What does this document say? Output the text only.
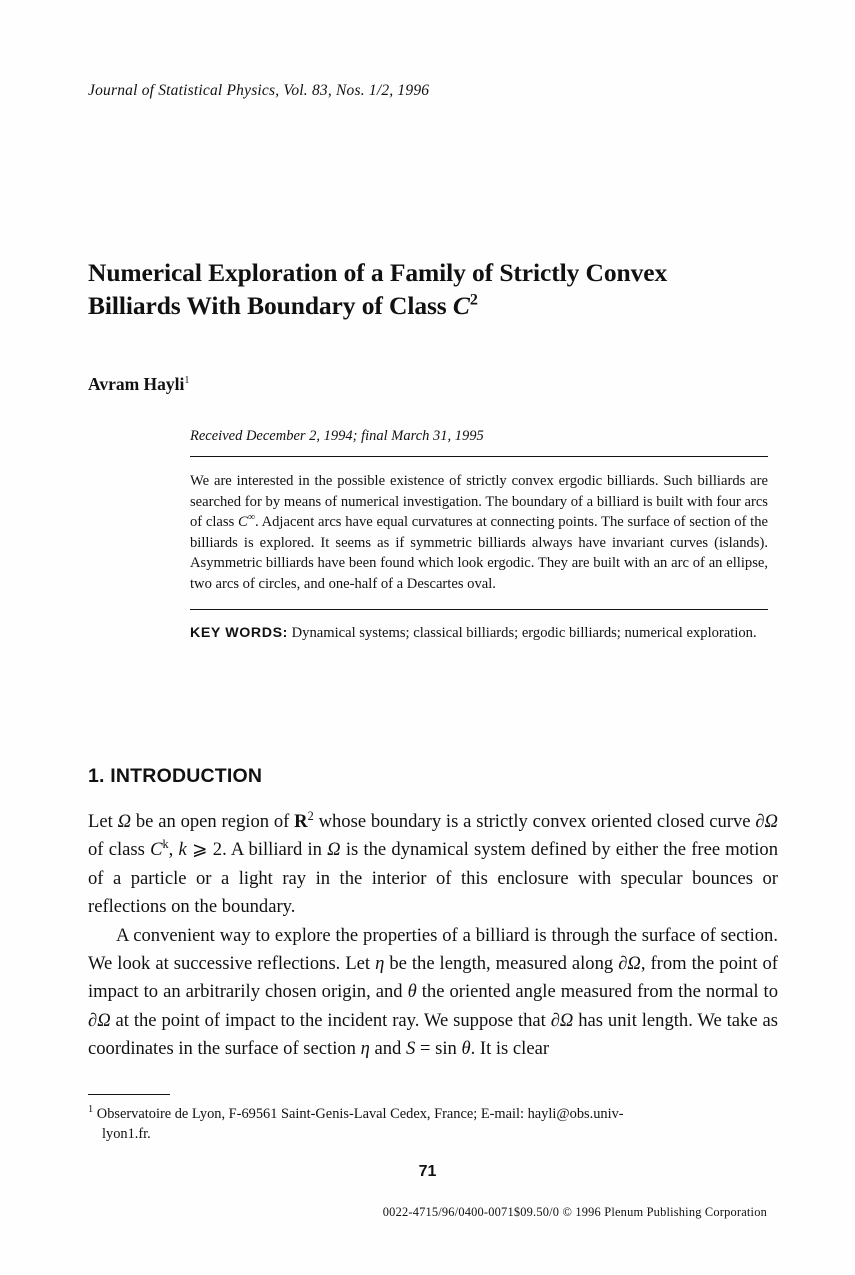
Journal of Statistical Physics, Vol. 83, Nos. 1/2, 1996
Numerical Exploration of a Family of Strictly Convex
Billiards With Boundary of Class $C^2$
Avram Hayli$^1$
Received December 2, 1994; final March 31, 1995

We are interested in the possible existence of strictly convex ergodic billiards. Such billiards are searched for by means of numerical investigation. The boundary of a billiard is built with four arcs of class C∞. Adjacent arcs have equal curvatures at connecting points. The surface of section of the billiards is explored. It seems as if symmetric billiards always have invariant curves (islands). Asymmetric billiards have been found which look ergodic. They are built with an arc of an ellipse, two arcs of circles, and one-half of a Descartes oval.

KEY WORDS: Dynamical systems; classical billiards; ergodic billiards; numerical exploration.

1. INTRODUCTION

Let Ω be an open region of $R^2$ whose boundary is a strictly convex oriented closed curve ∂Ω of class $C^k$, k ⩾ 2. A billiard in Ω is the dynamical system defined by either the free motion of a particle or a light ray in the interior of this enclosure with specular bounces or reflections on the boundary.

A convenient way to explore the properties of a billiard is through the surface of section. We look at successive reflections. Let η be the length, measured along ∂Ω, from the point of impact to an arbitrarily chosen origin, and θ the oriented angle measured from the normal to ∂Ω at the point of impact to the incident ray. We suppose that ∂Ω has unit length. We take as coordinates in the surface of section η and S = sin θ. It is clear

$^1$ Observatoire de Lyon, F-69561 Saint-Genis-Laval Cedex, France; E-mail: hayli@obs.univ-
lyon1.fr.
71
0022-4715/96/0400-0071$09.50/0 © 1996 Plenum Publishing Corporation
